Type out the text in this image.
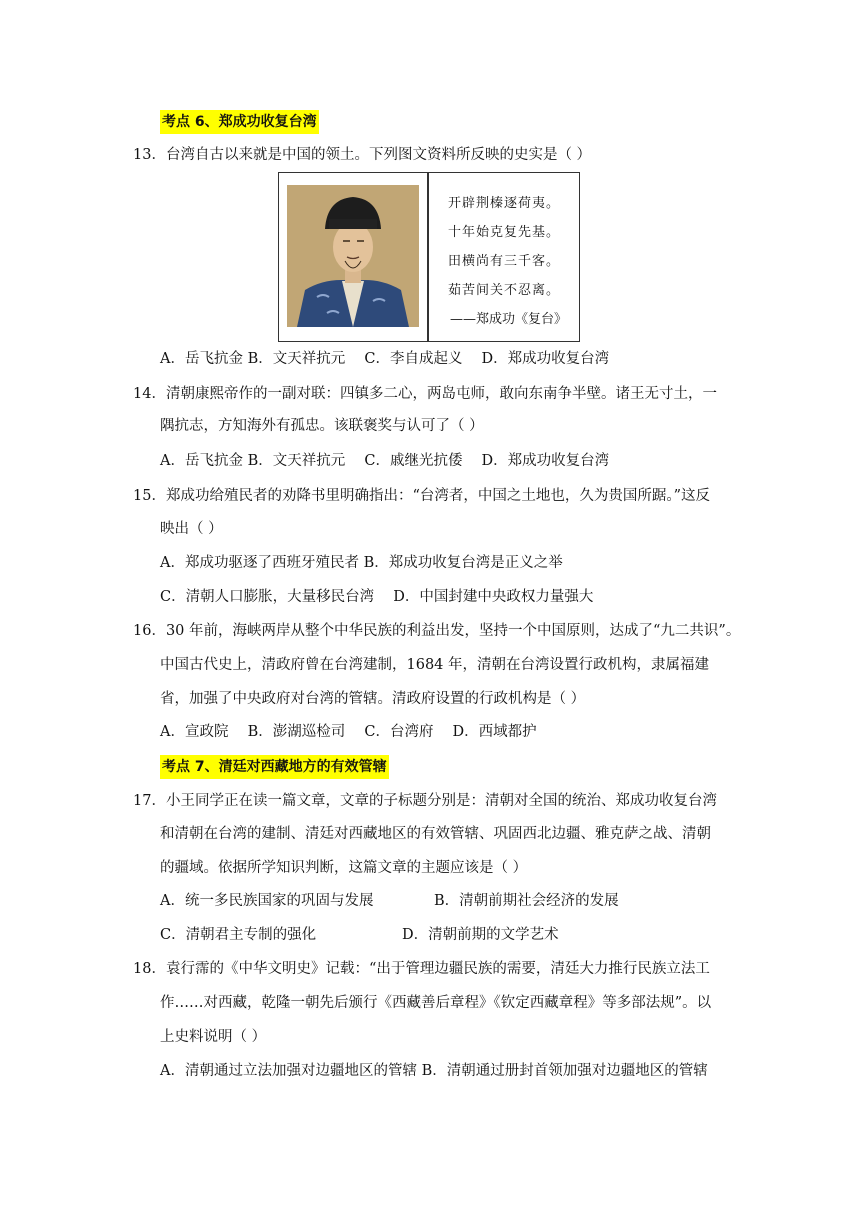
考点 6、郑成功收复台湾
13．台湾自古以来就是中国的领土。下列图文资料所反映的史实是（ ）
开辟荆榛逐荷夷。
十年始克复先基。
田横尚有三千客。
茹苦间关不忍离。
——郑成功《复台》
A．岳飞抗金 B．文天祥抗元　 C．李自成起义　 D．郑成功收复台湾
14．清朝康熙帝作的一副对联：四镇多二心，两岛屯师，敢向东南争半壁。诸王无寸土，一
隅抗志，方知海外有孤忠。该联褒奖与认可了（ ）
A．岳飞抗金 B．文天祥抗元　 C．戚继光抗倭　 D．郑成功收复台湾
15．郑成功给殖民者的劝降书里明确指出：“台湾者，中国之土地也，久为贵国所踞。”这反
映出（ ）
A．郑成功驱逐了西班牙殖民者 B．郑成功收复台湾是正义之举
C．清朝人口膨胀，大量移民台湾　 D．中国封建中央政权力量强大
16．30 年前，海峡两岸从整个中华民族的利益出发，坚持一个中国原则，达成了“九二共识”。
中国古代史上，清政府曾在台湾建制，1684 年，清朝在台湾设置行政机构，隶属福建
省，加强了中央政府对台湾的管辖。清政府设置的行政机构是（ ）
A．宣政院　 B．澎湖巡检司　 C．台湾府　 D．西域都护
考点 7、清廷对西藏地方的有效管辖
17．小王同学正在读一篇文章，文章的子标题分别是：清朝对全国的统治、郑成功收复台湾
和清朝在台湾的建制、清廷对西藏地区的有效管辖、巩固西北边疆、雅克萨之战、清朝
的疆域。依据所学知识判断，这篇文章的主题应该是（ ）
A．统一多民族国家的巩固与发展	B．清朝前期社会经济的发展
C．清朝君主专制的强化	D．清朝前期的文学艺术
18．袁行霈的《中华文明史》记载：“出于管理边疆民族的需要，清廷大力推行民族立法工
作……对西藏，乾隆一朝先后颁行《西藏善后章程》《钦定西藏章程》等多部法规”。以
上史料说明（ ）
A．清朝通过立法加强对边疆地区的管辖 B．清朝通过册封首领加强对边疆地区的管辖
